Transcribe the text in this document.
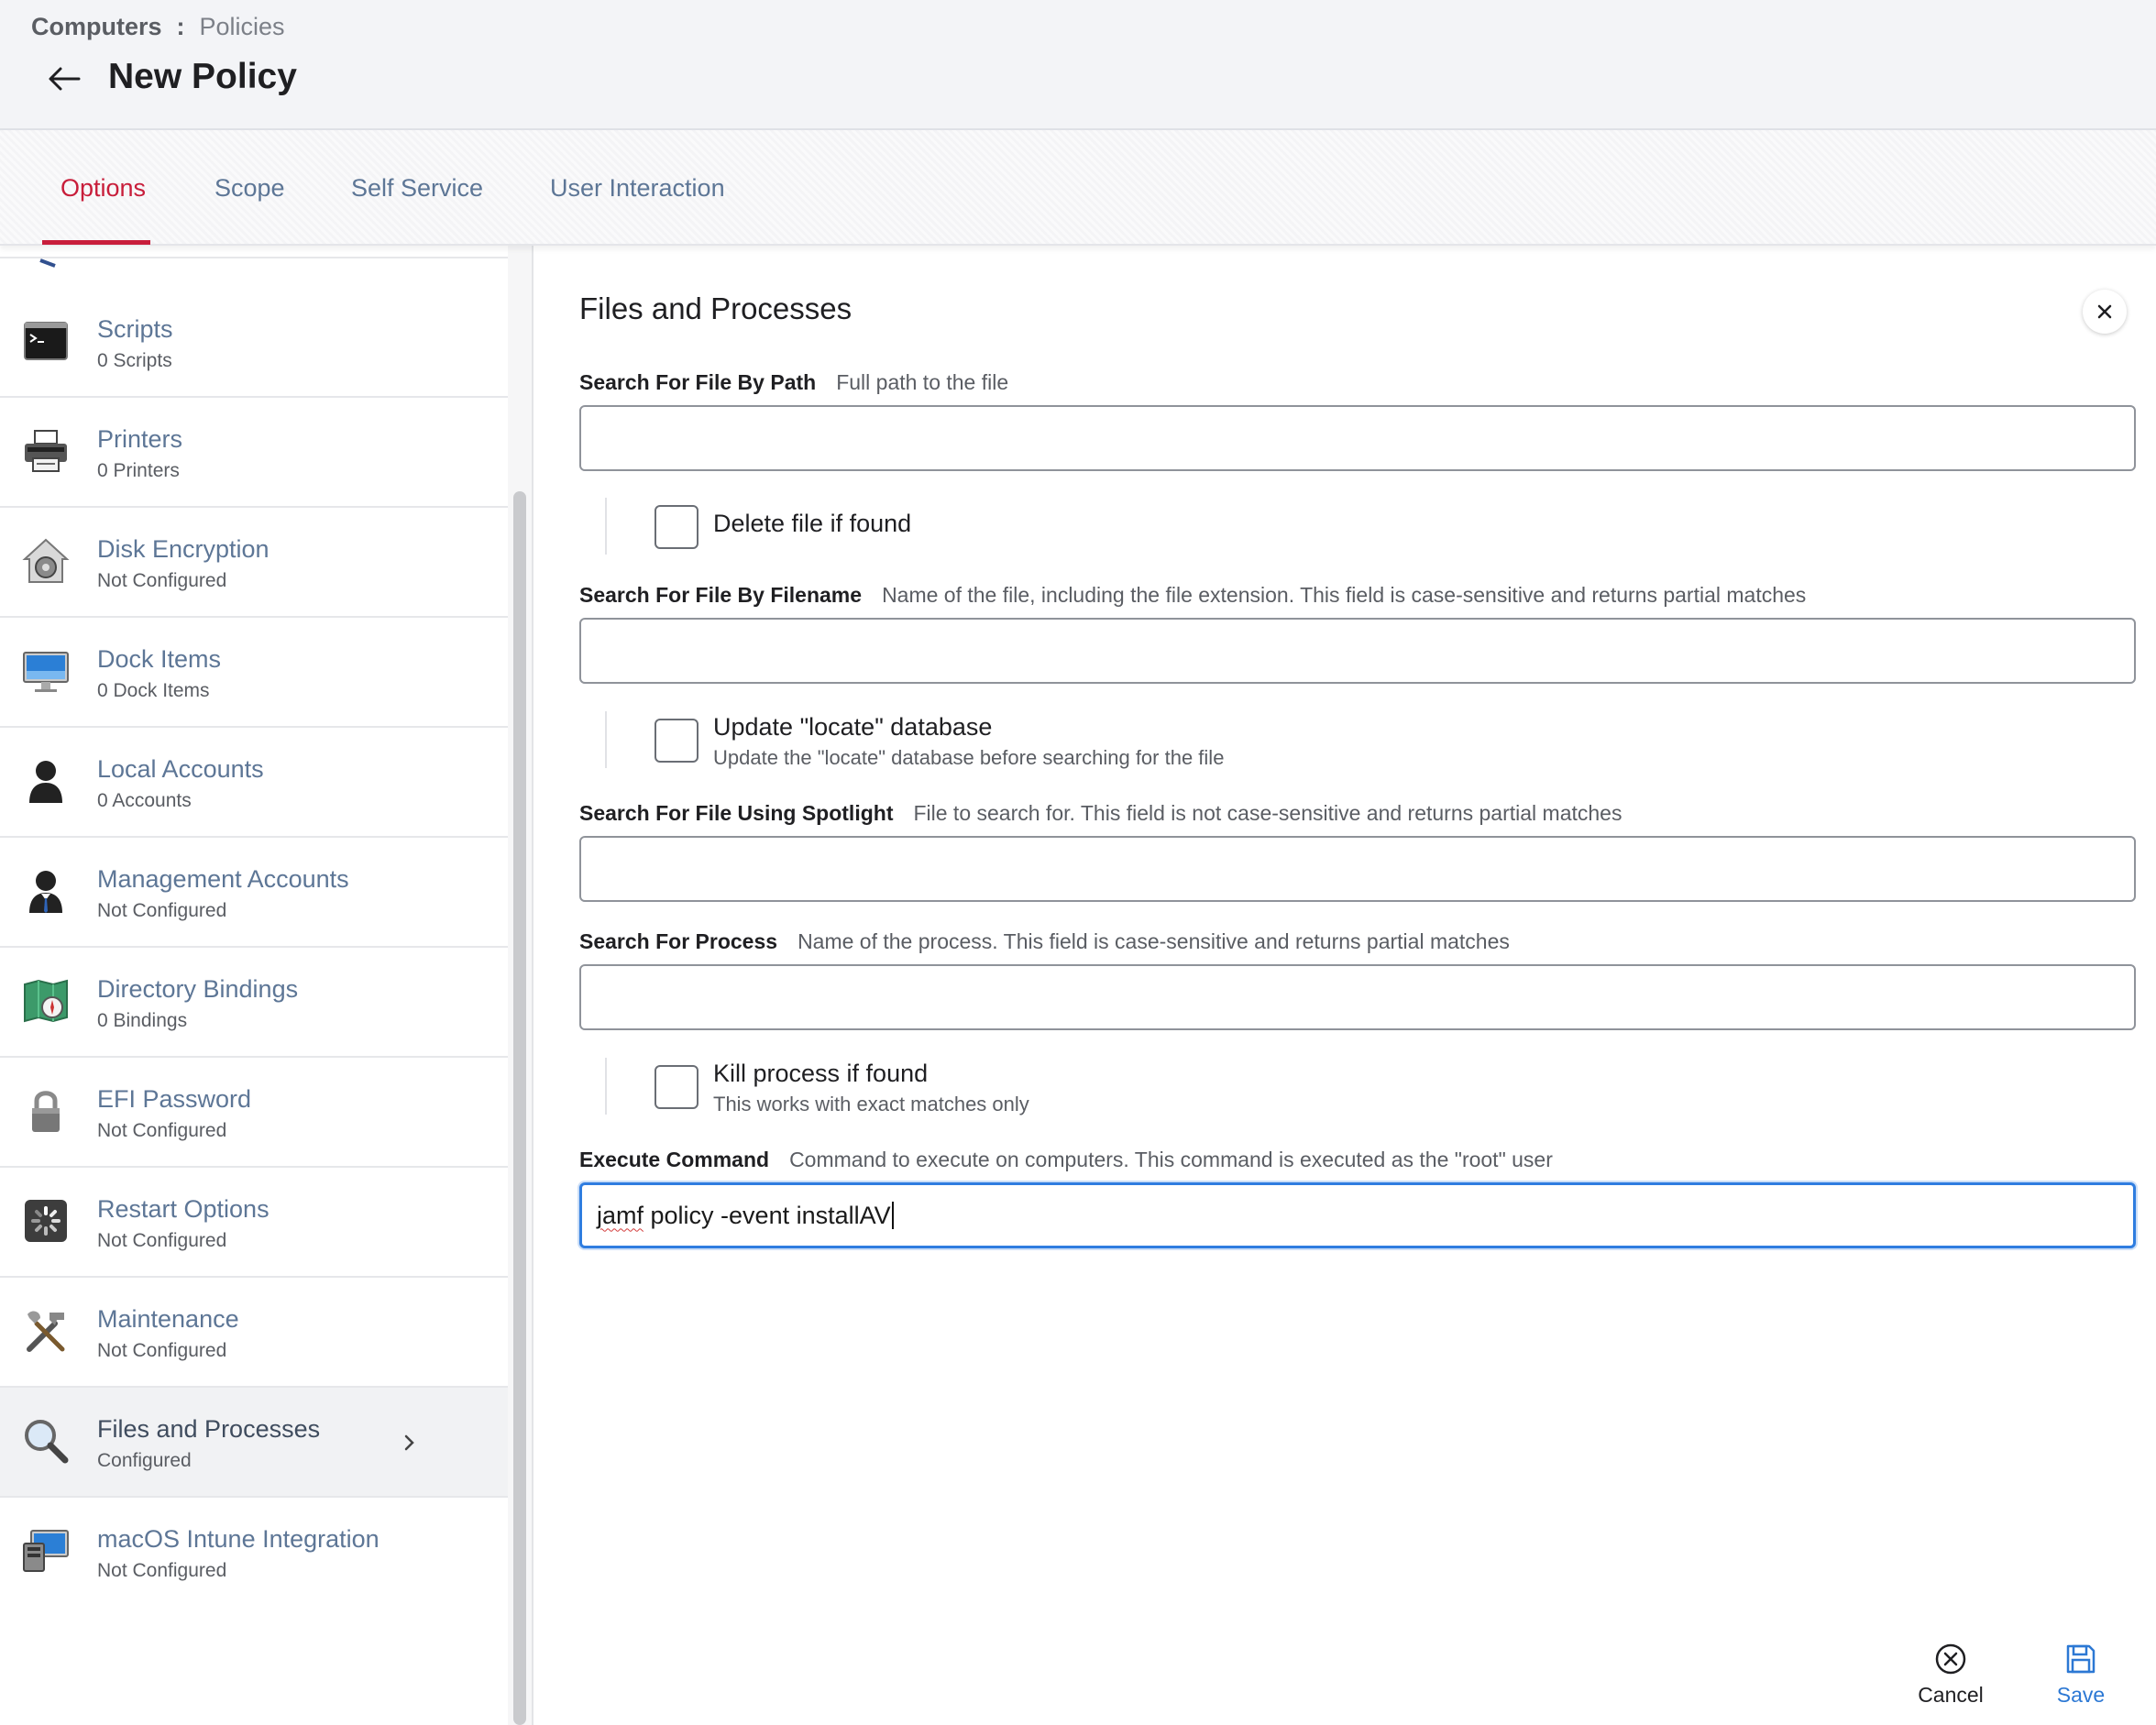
Computers : Policies
New Policy
Options	Scope	Self Service	User Interaction
Scripts
0 Scripts
Printers
0 Printers
Disk Encryption
Not Configured
Dock Items
0 Dock Items
Local Accounts
0 Accounts
Management Accounts
Not Configured
Directory Bindings
0 Bindings
EFI Password
Not Configured
Restart Options
Not Configured
Maintenance
Not Configured
Files and Processes
Configured
macOS Intune Integration
Not Configured
Files and Processes
Search For File By Path Full path to the file
Delete file if found
Search For File By Filename Name of the file, including the file extension. This field is case-sensitive and returns partial matches
Update "locate" database
Update the "locate" database before searching for the file
Search For File Using Spotlight File to search for. This field is not case-sensitive and returns partial matches
Search For Process Name of the process. This field is case-sensitive and returns partial matches
Kill process if found
This works with exact matches only
Execute Command Command to execute on computers. This command is executed as the "root" user
jamf policy -event installAV
Cancel	Save
